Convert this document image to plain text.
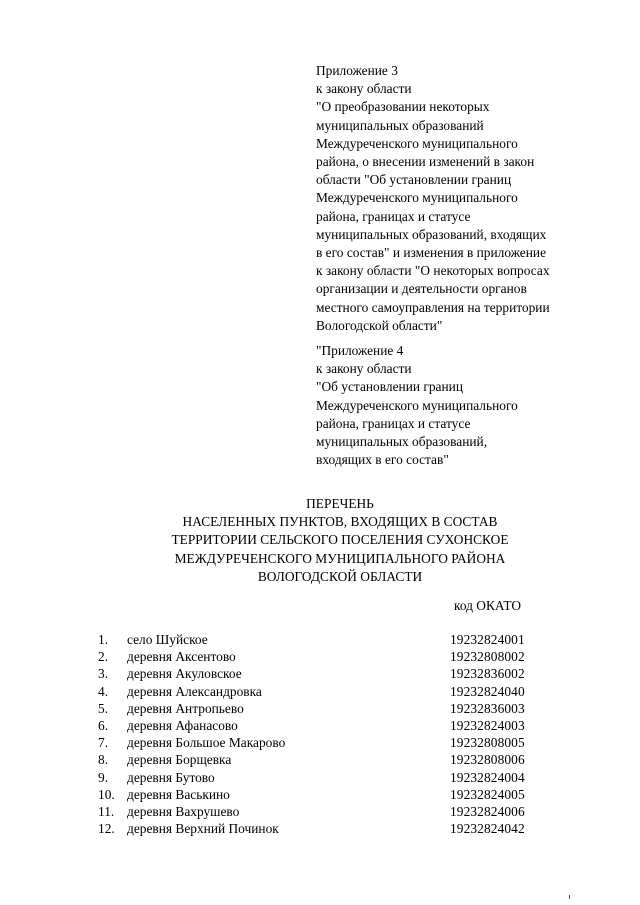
Приложение 3
к закону области
"О преобразовании некоторых
муниципальных образований
Междуреченского муниципального
района, о внесении изменений в закон
области "Об установлении границ
Междуреченского муниципального
района, границах и статусе
муниципальных образований, входящих
в его состав" и изменения в приложение
к закону области "О некоторых вопросах
организации и деятельности органов
местного самоуправления на территории
Вологодской области"
"Приложение 4
к закону области
"Об установлении границ
Междуреченского муниципального
района, границах и статусе
муниципальных образований,
входящих в его состав"
ПЕРЕЧЕНЬ
НАСЕЛЕННЫХ ПУНКТОВ, ВХОДЯЩИХ В СОСТАВ
ТЕРРИТОРИИ СЕЛЬСКОГО ПОСЕЛЕНИЯ СУХОНСКОЕ
МЕЖДУРЕЧЕНСКОГО МУНИЦИПАЛЬНОГО РАЙОНА
ВОЛОГОДСКОЙ ОБЛАСТИ
код ОКАТО
1. село Шуйское	19232824001
2. деревня Аксентово	19232808002
3. деревня Акуловское	19232836002
4. деревня Александровка	19232824040
5. деревня Антропьево	19232836003
6. деревня Афанасово	19232824003
7. деревня Большое Макарово	19232808005
8. деревня Борщевка	19232808006
9. деревня Бутово	19232824004
10. деревня Васькино	19232824005
11. деревня Вахрушево	19232824006
12. деревня Верхний Починок	19232824042
